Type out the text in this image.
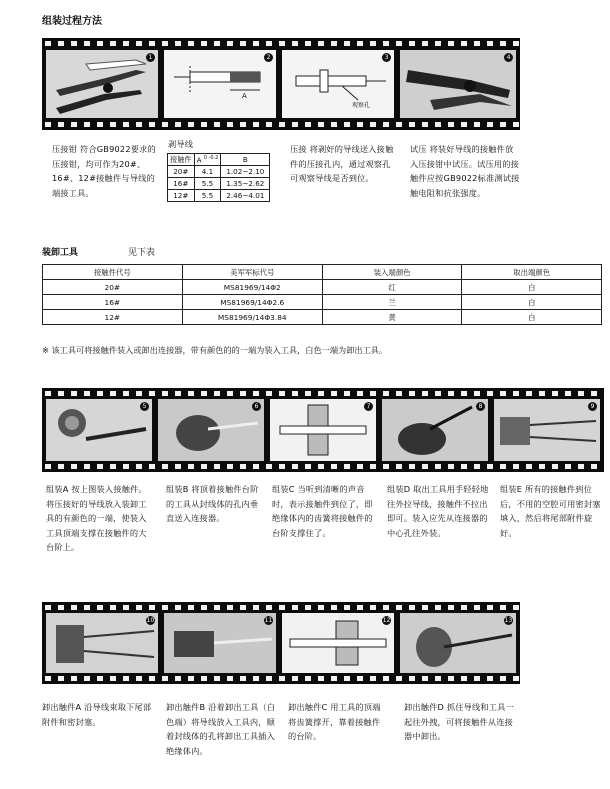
组装过程方法
1
A
2
观察孔
3	4
压接钳 符合GB9022要求的压接钳，均可作为20#、16#、12#接触件与导线的端接工具。
剥导线
接触件	A $^{0 -0.2}$	B
20#	4.1	1.02~2.10
16#	5.5	1.35~2.62
12#	5.5	2.46~4.01
压接 将剥好的导线送入接触件的压接孔内，通过观察孔可观察导线是否到位。
试压 将装好导线的接触件放入压接钳中试压。试压用的接触件应按GB9022标准测试接触电阻和抗张强度。
装卸工具	见下表
接触件代号	美军军标代号	装入端颜色	取出端颜色
20#	MS81969/14Φ2	红	白
16#	MS81969/14Φ2.6	兰	白
12#	MS81969/14Φ3.84	黄	白
※ 该工具可将接触件装入或卸出连接器，带有颜色的的一端为装入工具，白色一端为卸出工具。
5	6	7	8	9
组装A 按上图装入接触件。将压接好的导线放入装卸工具的有颜色的一端，使装入工具顶端支撑在接触件的大台阶上。
组装B 将顶着接触件台阶的工具从封线体的孔内垂直送入连接器。
组装C 当听到清晰的声音时，表示接触件到位了，即绝缘体内的齿簧将接触件的台阶支撑住了。
组装D 取出工具用手轻轻地往外拉导线，接触件不拉出即可。装入应先从连接器的中心孔往外装。
组装E 所有的接触件到位后，不用的空腔可用密封塞填入，然后将尾部附件旋好。
10	11	12	13
卸出触件A 沿导线束取下尾部附件和密封塞。
卸出触件B 沿着卸出工具（白色端）将导线放入工具内，顺着封线体的孔将卸出工具插入绝缘体内。
卸出触件C 用工具的顶端将齿簧撑开，靠着接触件的台阶。
卸出触件D 抓住导线和工具一起往外拽，可将接触件从连接器中卸出。
